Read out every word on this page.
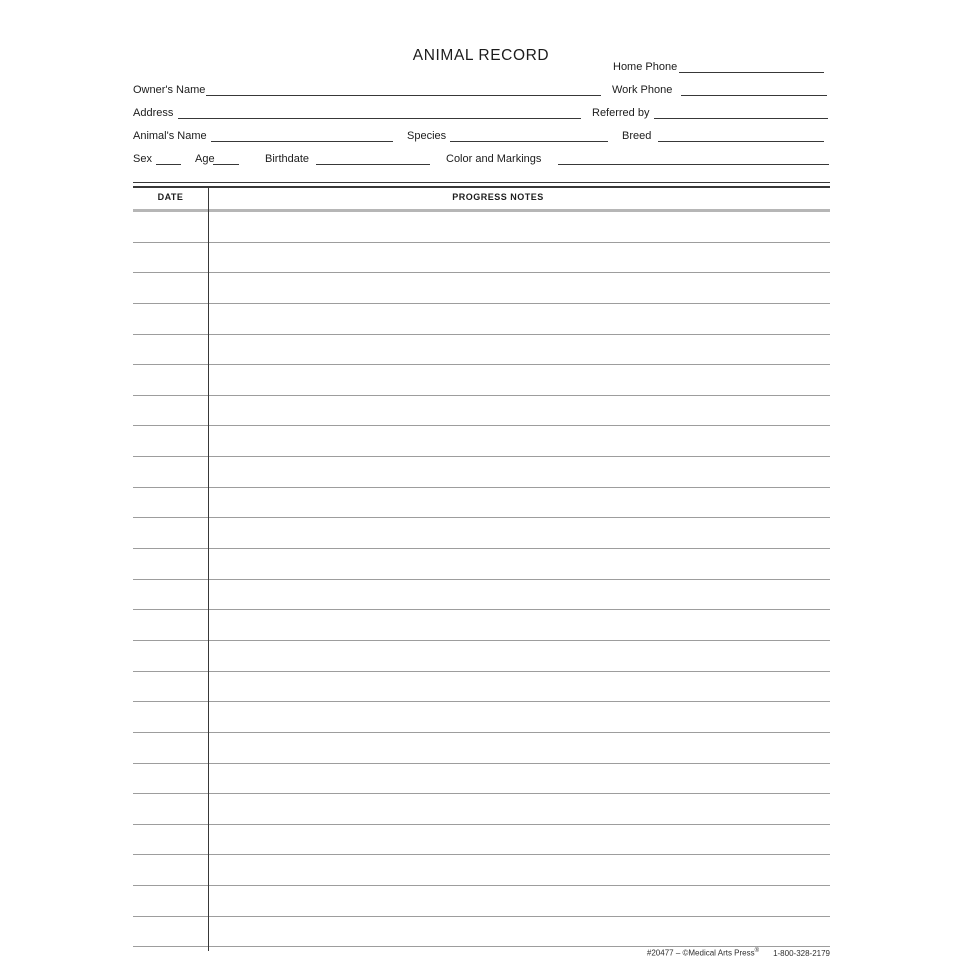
ANIMAL RECORD
Home Phone
Owner's Name	Work Phone
Address	Referred by
Animal's Name	Species	Breed
Sex	Age	Birthdate	Color and Markings
DATE	PROGRESS NOTES
#20477 – ©Medical Arts Press® 1-800-328-2179
